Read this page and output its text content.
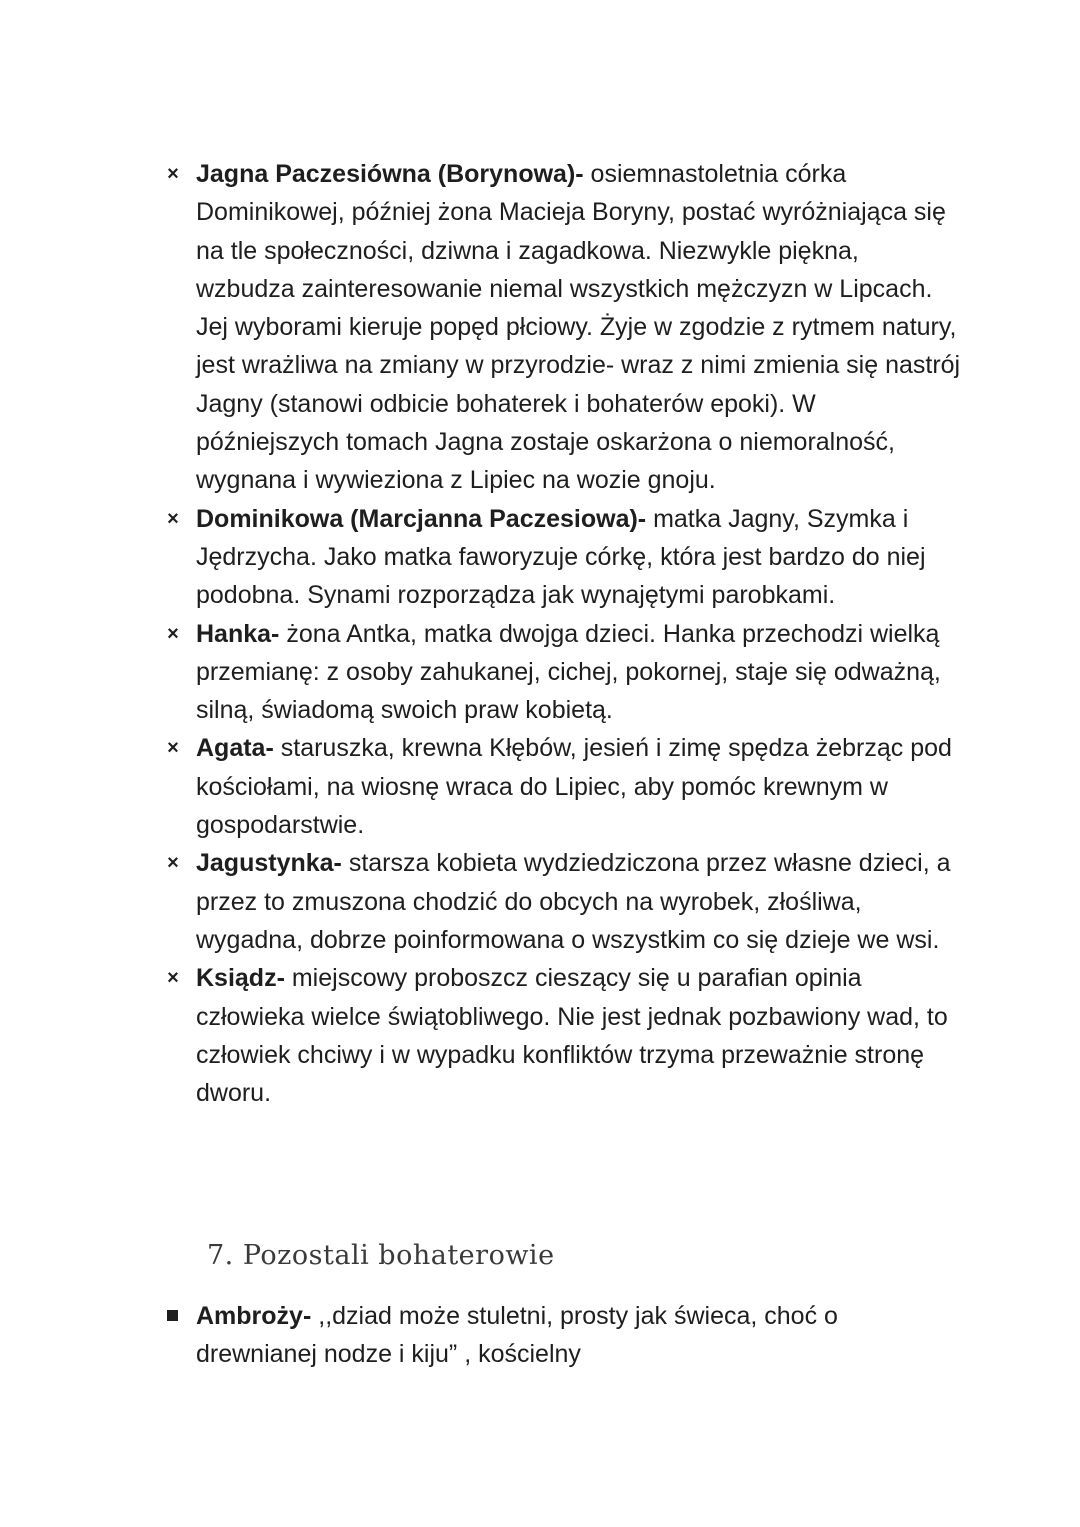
× Jagna Paczesiówna (Borynowa)- osiemnastoletnia córka Dominikowej, później żona Macieja Boryny, postać wyróżniająca się na tle społeczności, dziwna i zagadkowa. Niezwykle piękna, wzbudza zainteresowanie niemal wszystkich mężczyzn w Lipcach. Jej wyborami kieruje popęd płciowy. Żyje w zgodzie z rytmem natury, jest wrażliwa na zmiany w przyrodzie- wraz z nimi zmienia się nastrój Jagny (stanowi odbicie bohaterek i bohaterów epoki). W późniejszych tomach Jagna zostaje oskarżona o niemoralność, wygnana i wywieziona z Lipiec na wozie gnoju.
× Dominikowa (Marcjanna Paczesiowa)- matka Jagny, Szymka i Jędrzycha. Jako matka faworyzuje córkę, która jest bardzo do niej podobna. Synami rozporządza jak wynajętymi parobkami.
× Hanka- żona Antka, matka dwojga dzieci. Hanka przechodzi wielką przemianę: z osoby zahukanej, cichej, pokornej, staje się odważną, silną, świadomą swoich praw kobietą.
× Agata- staruszka, krewna Kłębów, jesień i zimę spędza żebrząc pod kościołami, na wiosnę wraca do Lipiec, aby pomóc krewnym w gospodarstwie.
× Jagustynka- starsza kobieta wydziedziczona przez własne dzieci, a przez to zmuszona chodzić do obcych na wyrobek, złośliwa, wygadna, dobrze poinformowana o wszystkim co się dzieje we wsi.
× Ksiądz- miejscowy proboszcz cieszący się u parafian opinia człowieka wielce świątobliwego. Nie jest jednak pozbawiony wad, to człowiek chciwy i w wypadku konfliktów trzyma przeważnie stronę dworu.
7. Pozostali bohaterowie
Ambroży- ,,dziad może stuletni, prosty jak świeca, choć o drewnianej nodze i kiju” , kościelny
